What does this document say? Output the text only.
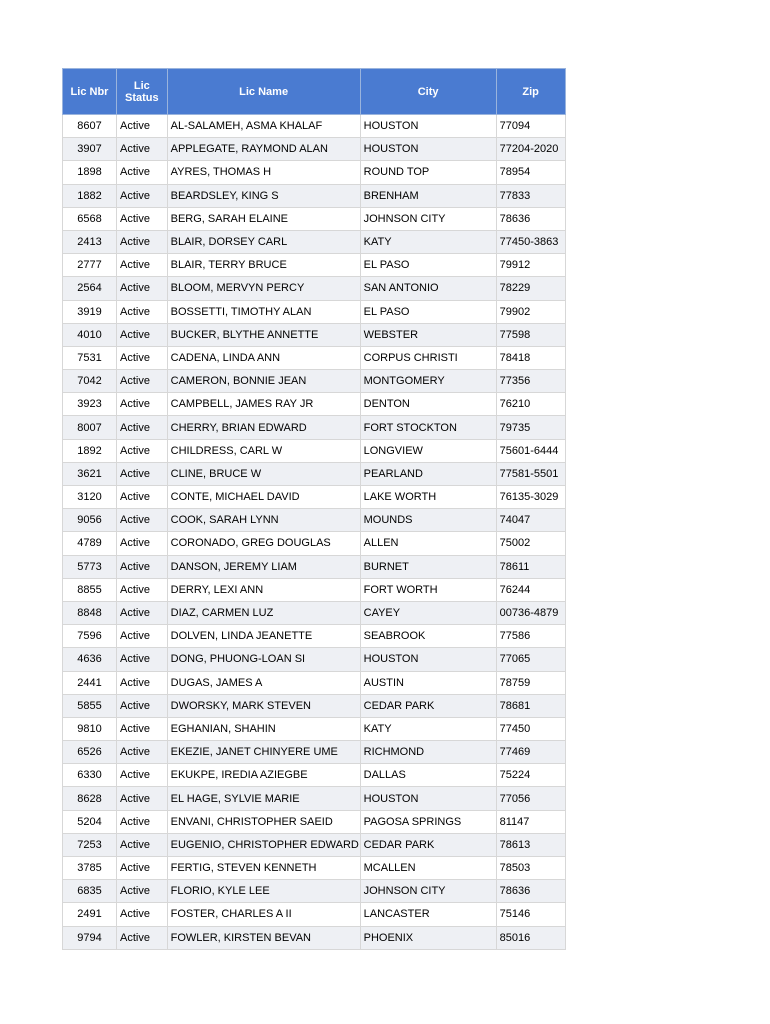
Lic Nbr	Lic Status	Lic Name	City	Zip
8607	Active	AL-SALAMEH, ASMA KHALAF	HOUSTON	77094
3907	Active	APPLEGATE, RAYMOND ALAN	HOUSTON	77204-2020
1898	Active	AYRES, THOMAS H	ROUND TOP	78954
1882	Active	BEARDSLEY, KING S	BRENHAM	77833
6568	Active	BERG, SARAH ELAINE	JOHNSON CITY	78636
2413	Active	BLAIR, DORSEY CARL	KATY	77450-3863
2777	Active	BLAIR, TERRY BRUCE	EL PASO	79912
2564	Active	BLOOM, MERVYN PERCY	SAN ANTONIO	78229
3919	Active	BOSSETTI, TIMOTHY ALAN	EL PASO	79902
4010	Active	BUCKER, BLYTHE ANNETTE	WEBSTER	77598
7531	Active	CADENA, LINDA ANN	CORPUS CHRISTI	78418
7042	Active	CAMERON, BONNIE JEAN	MONTGOMERY	77356
3923	Active	CAMPBELL, JAMES RAY JR	DENTON	76210
8007	Active	CHERRY, BRIAN EDWARD	FORT STOCKTON	79735
1892	Active	CHILDRESS, CARL W	LONGVIEW	75601-6444
3621	Active	CLINE, BRUCE W	PEARLAND	77581-5501
3120	Active	CONTE, MICHAEL DAVID	LAKE WORTH	76135-3029
9056	Active	COOK, SARAH LYNN	MOUNDS	74047
4789	Active	CORONADO, GREG DOUGLAS	ALLEN	75002
5773	Active	DANSON, JEREMY LIAM	BURNET	78611
8855	Active	DERRY, LEXI ANN	FORT WORTH	76244
8848	Active	DIAZ, CARMEN LUZ	CAYEY	00736-4879
7596	Active	DOLVEN, LINDA JEANETTE	SEABROOK	77586
4636	Active	DONG, PHUONG-LOAN SI	HOUSTON	77065
2441	Active	DUGAS, JAMES A	AUSTIN	78759
5855	Active	DWORSKY, MARK STEVEN	CEDAR PARK	78681
9810	Active	EGHANIAN, SHAHIN	KATY	77450
6526	Active	EKEZIE, JANET CHINYERE UME	RICHMOND	77469
6330	Active	EKUKPE, IREDIA AZIEGBE	DALLAS	75224
8628	Active	EL HAGE, SYLVIE MARIE	HOUSTON	77056
5204	Active	ENVANI, CHRISTOPHER SAEID	PAGOSA SPRINGS	81147
7253	Active	EUGENIO, CHRISTOPHER EDWARD	CEDAR PARK	78613
3785	Active	FERTIG, STEVEN KENNETH	MCALLEN	78503
6835	Active	FLORIO, KYLE LEE	JOHNSON CITY	78636
2491	Active	FOSTER, CHARLES A II	LANCASTER	75146
9794	Active	FOWLER, KIRSTEN BEVAN	PHOENIX	85016
